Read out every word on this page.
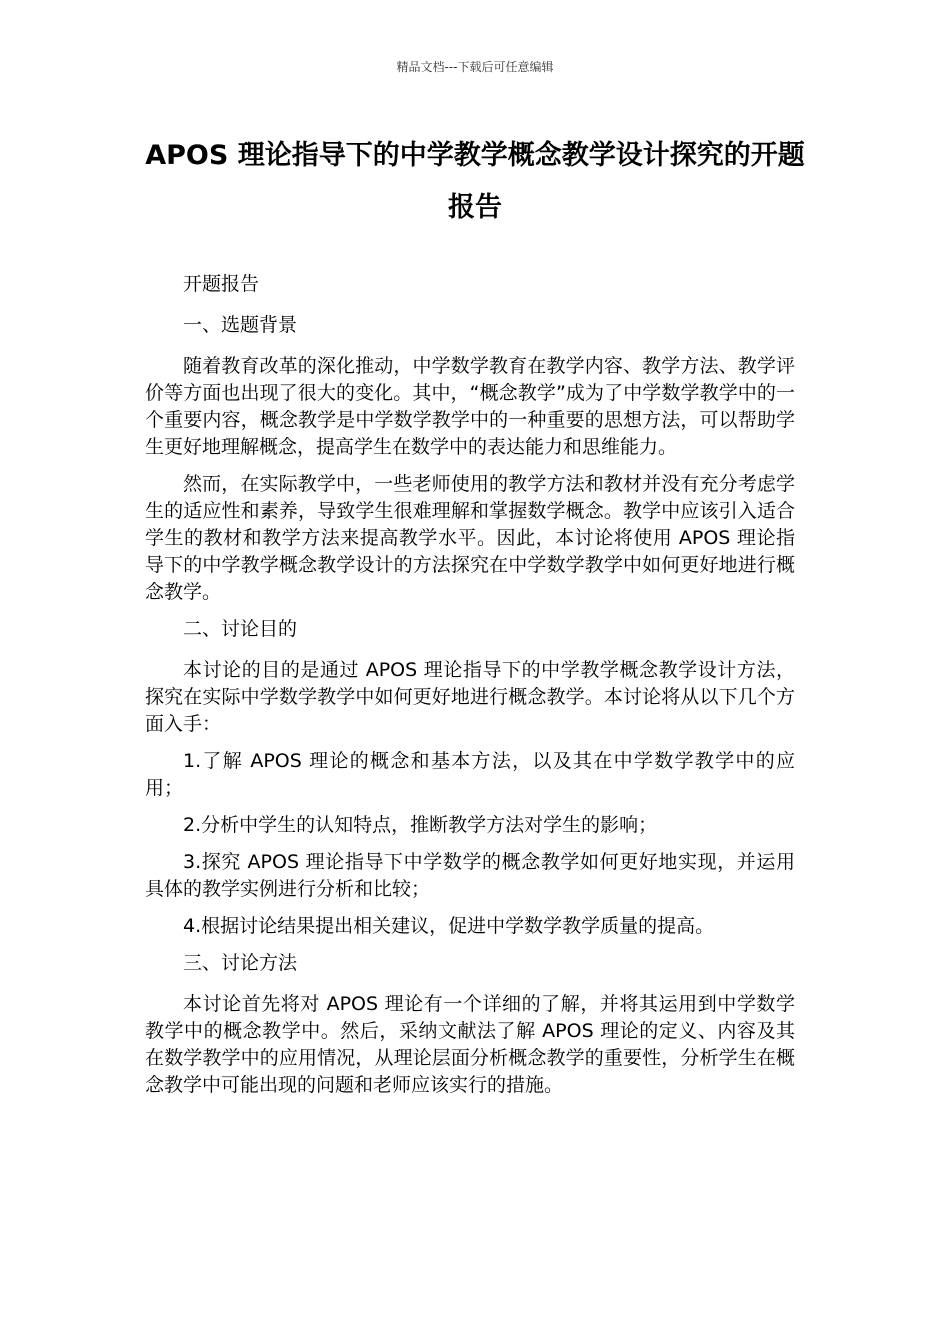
精品文档---下载后可任意编辑
APOS 理论指导下的中学教学概念教学设计探究的开题报告

开题报告

一、选题背景

随着教育改革的深化推动，中学数学教育在教学内容、教学方法、教学评价等方面也出现了很大的变化。其中，“概念教学”成为了中学数学教学中的一个重要内容，概念教学是中学数学教学中的一种重要的思想方法，可以帮助学生更好地理解概念，提高学生在数学中的表达能力和思维能力。

然而，在实际教学中，一些老师使用的教学方法和教材并没有充分考虑学生的适应性和素养，导致学生很难理解和掌握数学概念。教学中应该引入适合学生的教材和教学方法来提高教学水平。因此，本讨论将使用 APOS 理论指导下的中学教学概念教学设计的方法探究在中学数学教学中如何更好地进行概念教学。

二、讨论目的

本讨论的目的是通过 APOS 理论指导下的中学教学概念教学设计方法，探究在实际中学数学教学中如何更好地进行概念教学。本讨论将从以下几个方面入手：

1.了解 APOS 理论的概念和基本方法，以及其在中学数学教学中的应用；

2.分析中学生的认知特点，推断教学方法对学生的影响；

3.探究 APOS 理论指导下中学数学的概念教学如何更好地实现，并运用具体的教学实例进行分析和比较；

4.根据讨论结果提出相关建议，促进中学数学教学质量的提高。

三、讨论方法

本讨论首先将对 APOS 理论有一个详细的了解，并将其运用到中学数学教学中的概念教学中。然后，采纳文献法了解 APOS 理论的定义、内容及其在数学教学中的应用情况，从理论层面分析概念教学的重要性，分析学生在概念教学中可能出现的问题和老师应该实行的措施。
